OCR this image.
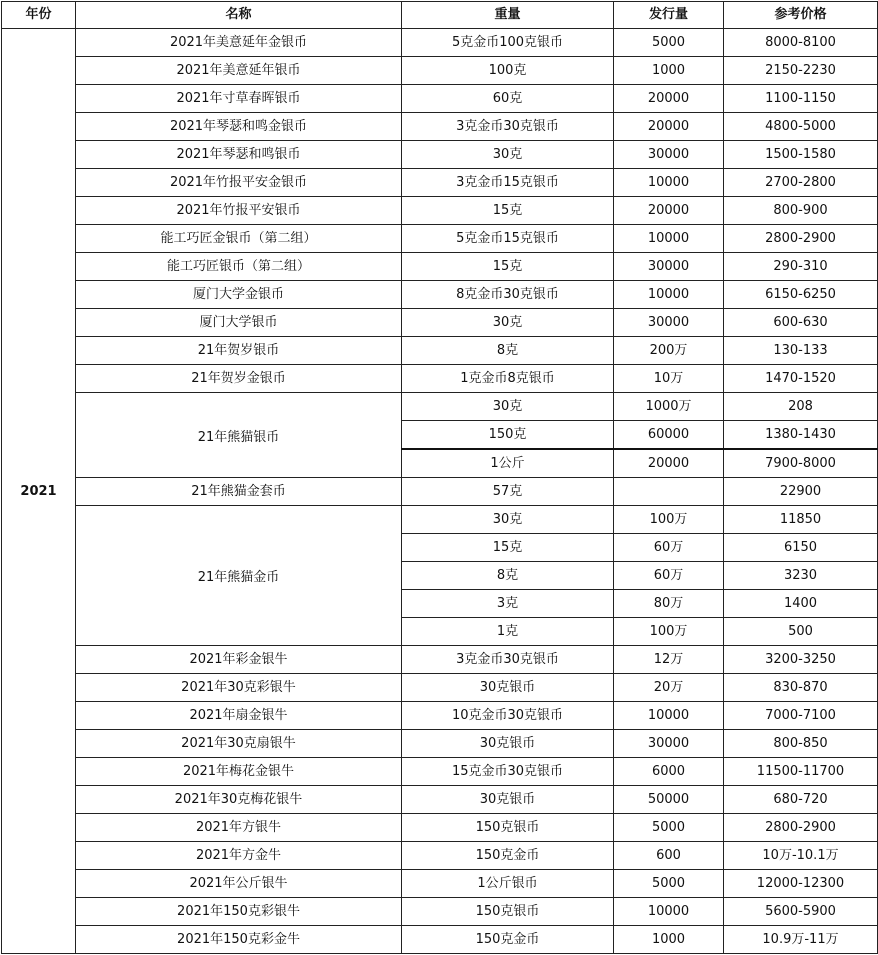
年份	名称	重量	发行量	参考价格
2021	2021年美意延年金银币	5克金币100克银币	5000	8000-8100
	2021年美意延年银币	100克	1000	2150-2230
	2021年寸草春晖银币	60克	20000	1100-1150
	2021年琴瑟和鸣金银币	3克金币30克银币	20000	4800-5000
	2021年琴瑟和鸣银币	30克	30000	1500-1580
	2021年竹报平安金银币	3克金币15克银币	10000	2700-2800
	2021年竹报平安银币	15克	20000	800-900
	能工巧匠金银币（第二组）	5克金币15克银币	10000	2800-2900
	能工巧匠银币（第二组）	15克	30000	290-310
	厦门大学金银币	8克金币30克银币	10000	6150-6250
	厦门大学银币	30克	30000	600-630
	21年贺岁银币	8克	200万	130-133
	21年贺岁金银币	1克金币8克银币	10万	1470-1520
	21年熊猫银币	30克	1000万	208
		150克	60000	1380-1430
		1公斤	20000	7900-8000
	21年熊猫金套币	57克		22900
	21年熊猫金币	30克	100万	11850
		15克	60万	6150
		8克	60万	3230
		3克	80万	1400
		1克	100万	500
	2021年彩金银牛	3克金币30克银币	12万	3200-3250
	2021年30克彩银牛	30克银币	20万	830-870
	2021年扇金银牛	10克金币30克银币	10000	7000-7100
	2021年30克扇银牛	30克银币	30000	800-850
	2021年梅花金银牛	15克金币30克银币	6000	11500-11700
	2021年30克梅花银牛	30克银币	50000	680-720
	2021年方银牛	150克银币	5000	2800-2900
	2021年方金牛	150克金币	600	10万-10.1万
	2021年公斤银牛	1公斤银币	5000	12000-12300
	2021年150克彩银牛	150克银币	10000	5600-5900
	2021年150克彩金牛	150克金币	1000	10.9万-11万
